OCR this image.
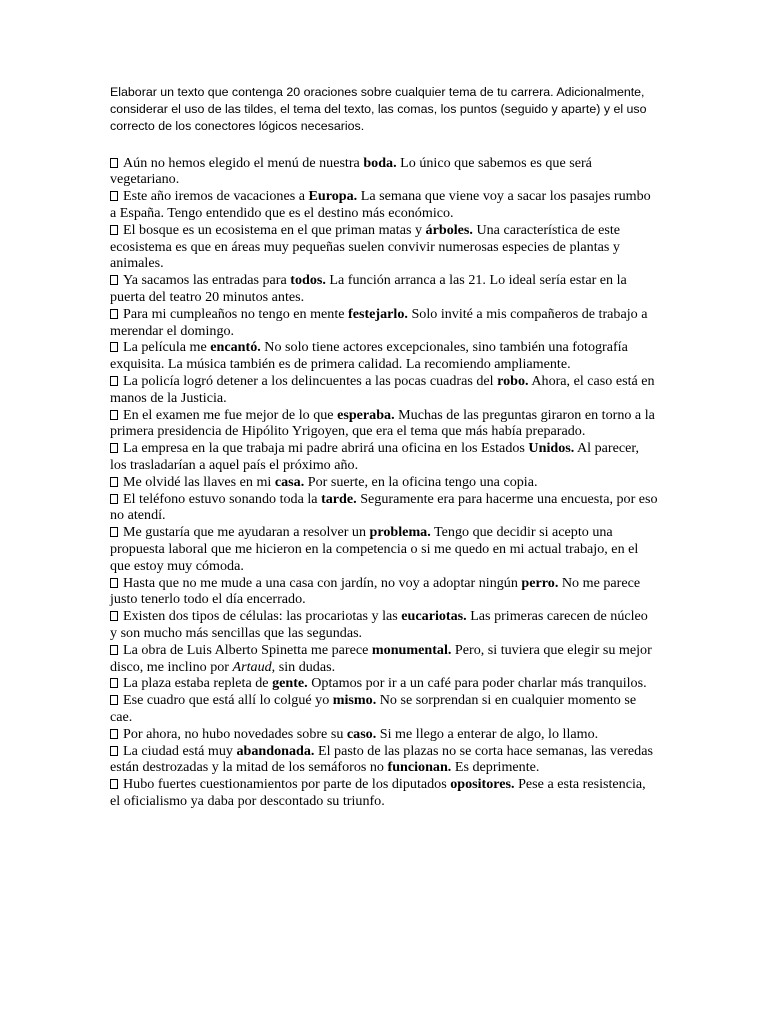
Elaborar un texto que contenga 20 oraciones sobre cualquier tema de tu carrera. Adicionalmente, considerar el uso de las tildes, el tema del texto, las comas, los puntos (seguido y aparte) y el uso correcto de los conectores lógicos necesarios.

Aún no hemos elegido el menú de nuestra boda. Lo único que sabemos es que será vegetariano.
Este año iremos de vacaciones a Europa. La semana que viene voy a sacar los pasajes rumbo a España. Tengo entendido que es el destino más económico.
El bosque es un ecosistema en el que priman matas y árboles. Una característica de este ecosistema es que en áreas muy pequeñas suelen convivir numerosas especies de plantas y animales.
Ya sacamos las entradas para todos. La función arranca a las 21. Lo ideal sería estar en la puerta del teatro 20 minutos antes.
Para mi cumpleaños no tengo en mente festejarlo. Solo invité a mis compañeros de trabajo a merendar el domingo.
La película me encantó. No solo tiene actores excepcionales, sino también una fotografía exquisita. La música también es de primera calidad. La recomiendo ampliamente.
La policía logró detener a los delincuentes a las pocas cuadras del robo. Ahora, el caso está en manos de la Justicia.
En el examen me fue mejor de lo que esperaba. Muchas de las preguntas giraron en torno a la primera presidencia de Hipólito Yrigoyen, que era el tema que más había preparado.
La empresa en la que trabaja mi padre abrirá una oficina en los Estados Unidos. Al parecer, los trasladarían a aquel país el próximo año.
Me olvidé las llaves en mi casa. Por suerte, en la oficina tengo una copia.
El teléfono estuvo sonando toda la tarde. Seguramente era para hacerme una encuesta, por eso no atendí.
Me gustaría que me ayudaran a resolver un problema. Tengo que decidir si acepto una propuesta laboral que me hicieron en la competencia o si me quedo en mi actual trabajo, en el que estoy muy cómoda.
Hasta que no me mude a una casa con jardín, no voy a adoptar ningún perro. No me parece justo tenerlo todo el día encerrado.
Existen dos tipos de células: las procariotas y las eucariotas. Las primeras carecen de núcleo y son mucho más sencillas que las segundas.
La obra de Luis Alberto Spinetta me parece monumental. Pero, si tuviera que elegir su mejor disco, me inclino por Artaud, sin dudas.
La plaza estaba repleta de gente. Optamos por ir a un café para poder charlar más tranquilos.
Ese cuadro que está allí lo colgué yo mismo. No se sorprendan si en cualquier momento se cae.
Por ahora, no hubo novedades sobre su caso. Si me llego a enterar de algo, lo llamo.
La ciudad está muy abandonada. El pasto de las plazas no se corta hace semanas, las veredas están destrozadas y la mitad de los semáforos no funcionan. Es deprimente.
Hubo fuertes cuestionamientos por parte de los diputados opositores. Pese a esta resistencia, el oficialismo ya daba por descontado su triunfo.
